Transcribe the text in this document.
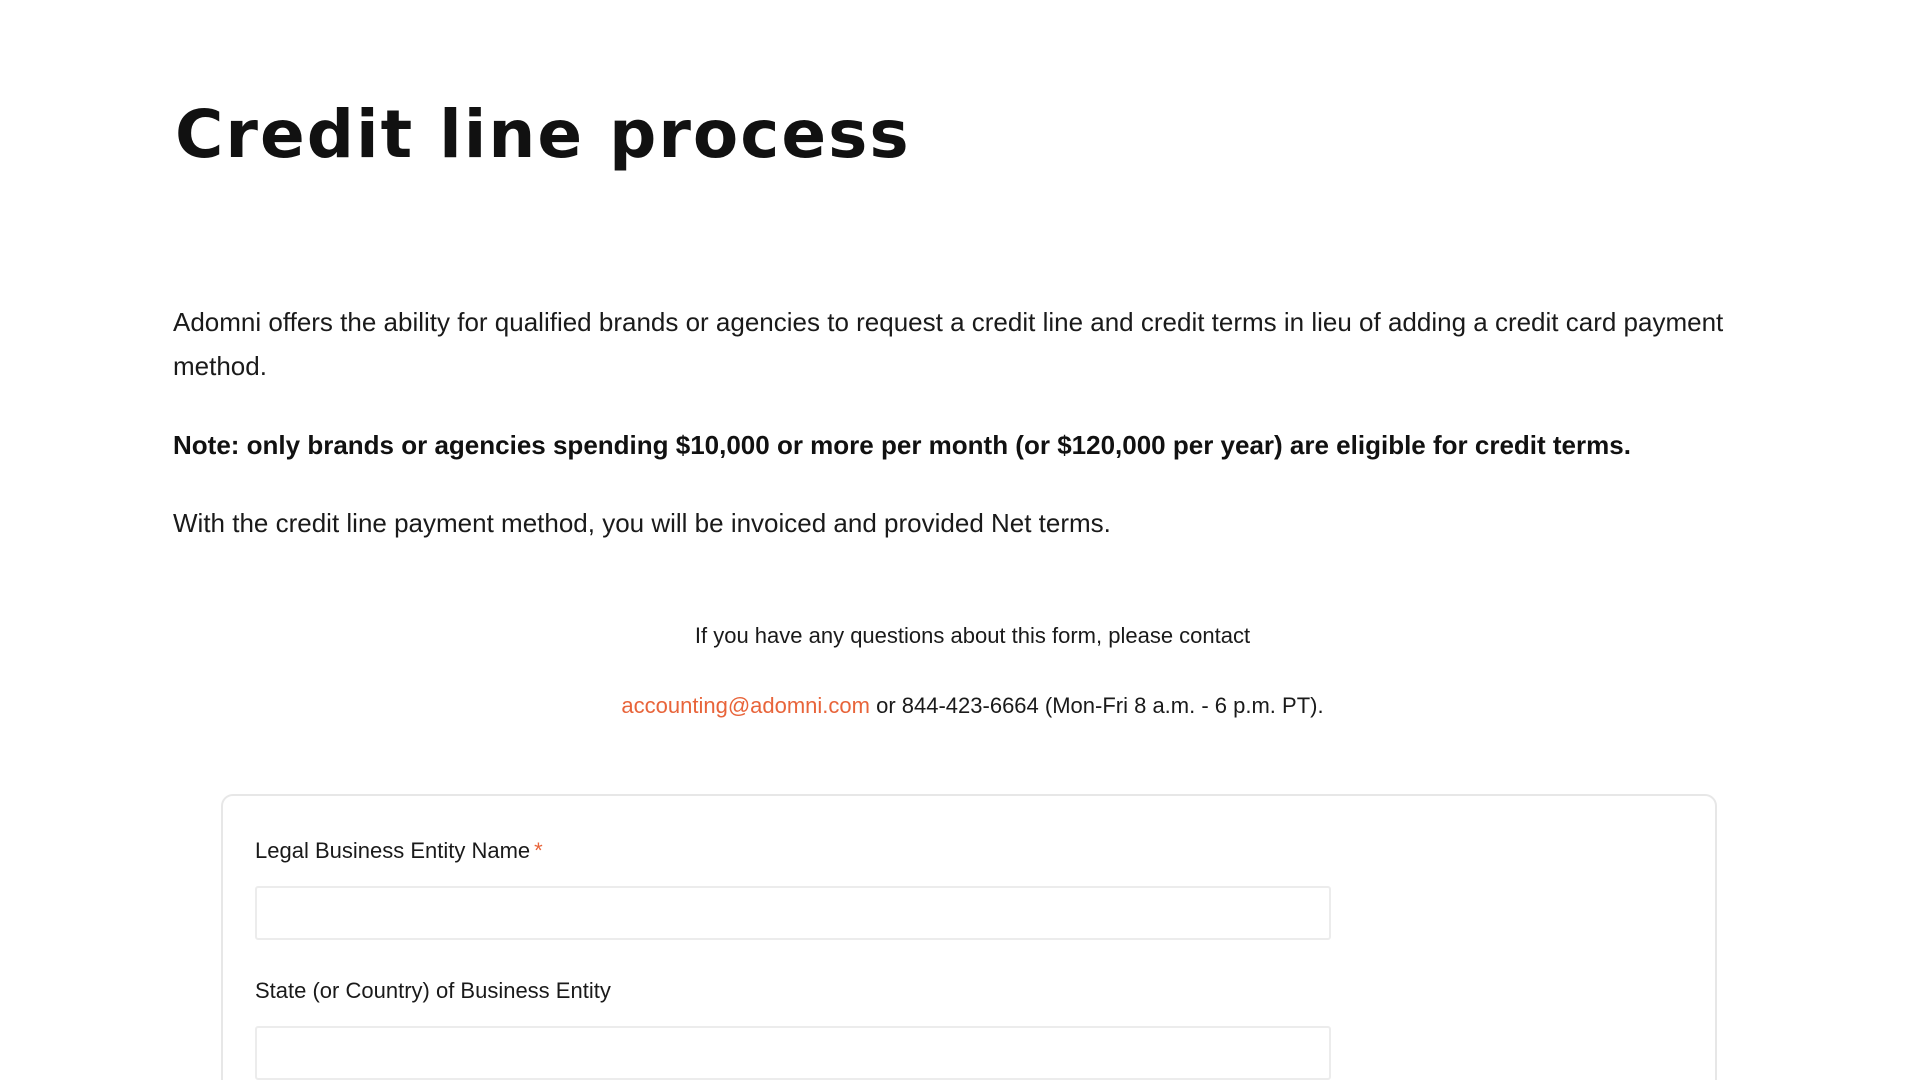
Credit line process

Adomni offers the ability for qualified brands or agencies to request a credit line and credit terms in lieu of adding a credit card payment method.

Note: only brands or agencies spending $10,000 or more per month (or $120,000 per year) are eligible for credit terms.

With the credit line payment method, you will be invoiced and provided Net terms.

If you have any questions about this form, please contact

accounting@adomni.com or 844-423-6664 (Mon-Fri 8 a.m. - 6 p.m. PT).

Legal Business Entity Name *
State (or Country) of Business Entity
